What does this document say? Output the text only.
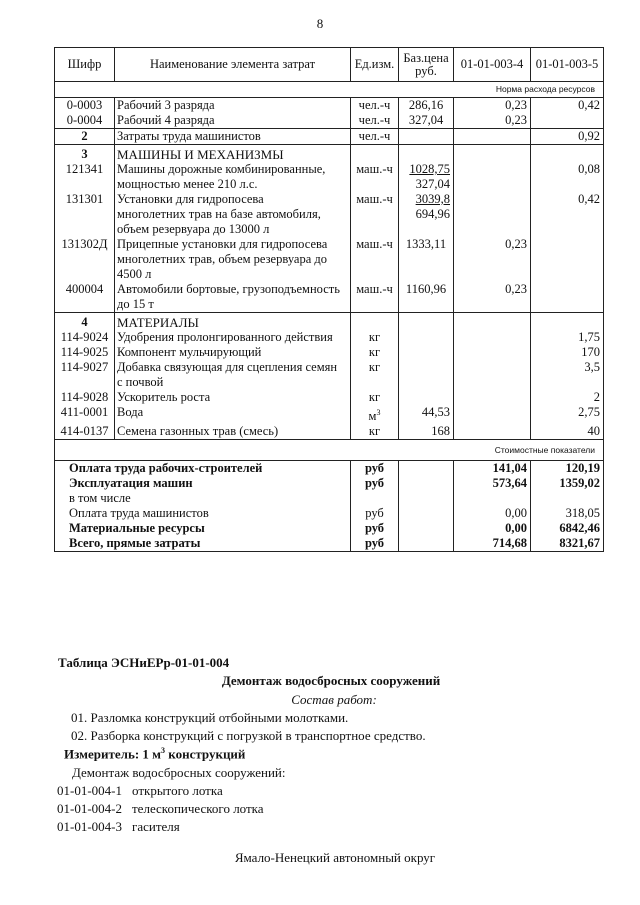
8
Шифр	Наименование элемента затрат	Ед.изм.	Баз.цена
руб.	01-01-003-4	01-01-003-5
Норма расхода ресурсов					
0-0003	Рабочий 3 разряда	чел.-ч	286,16	0,23	0,42
0-0004	Рабочий 4 разряда	чел.-ч	327,04	0,23	
2	Затраты труда машинистов	чел.-ч			0,92
3	МАШИНЫ И МЕХАНИЗМЫ				
121341	Машины дорожные комбинированные,
мощностью менее 210 л.с.	маш.-ч	1028,75
327,04		0,08
131301	Установки для гидропосева
многолетних трав на базе автомобиля,
объем резервуара до 13000 л	маш.-ч	3039,8
694,96		0,42
131302Д	Прицепные установки для гидропосева
многолетних трав, объем резервуара до
4500 л	маш.-ч	1333,11	0,23	
400004	Автомобили бортовые, грузоподъемность
до 15 т	маш.-ч	1160,96	0,23	
4	МАТЕРИАЛЫ				
114-9024	Удобрения пролонгированного действия	кг			1,75
114-9025	Компонент мульчирующий	кг			170
114-9027	Добавка связующая для сцепления семян
с почвой	кг			3,5
114-9028	Ускоритель роста	кг			2
411-0001	Вода	$м^3$	44,53		2,75
414-0137	Семена газонных трав (смесь)	кг	168		40
Стоимостные показатели					
Оплата труда рабочих-строителей		руб		141,04	120,19
Эксплуатация машин		руб		573,64	1359,02
в том числе					
Оплата труда машинистов		руб		0,00	318,05
Материальные ресурсы		руб		0,00	6842,46
Всего, прямые затраты		руб		714,68	8321,67
Таблица ЭСНиЕРр-01-01-004
Демонтаж водосбросных сооружений
Состав работ:
01. Разломка конструкций отбойными молотками.
02. Разборка конструкций с погрузкой в транспортное средство.
Измеритель: 1 $м^3$ конструкций
Демонтаж водосбросных сооружений:
01-01-004-1 открытого лотка
01-01-004-2 телескопического лотка
01-01-004-3 гасителя
Ямало-Ненецкий автономный округ
